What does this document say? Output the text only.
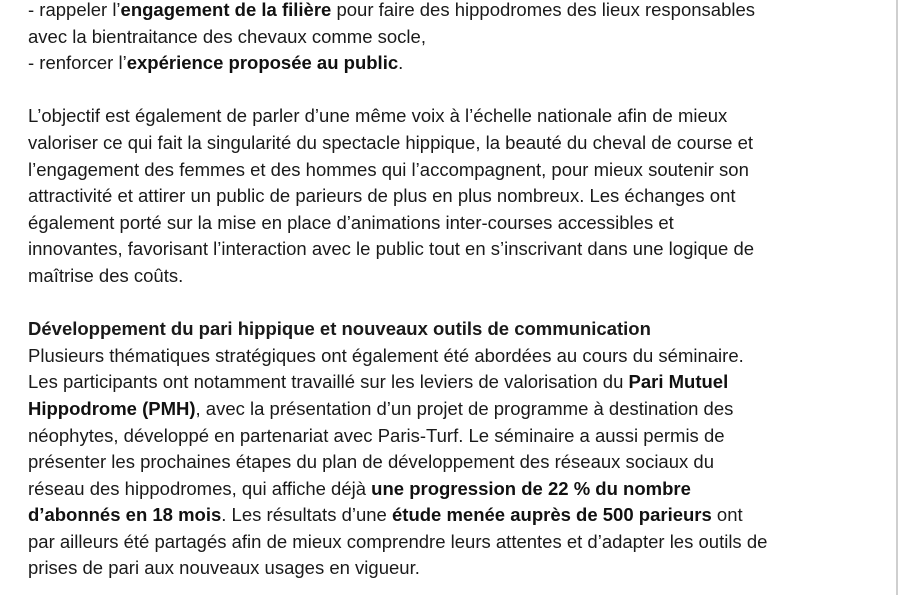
- rappeler l’engagement de la filière pour faire des hippodromes des lieux responsables
avec la bientraitance des chevaux comme socle,
- renforcer l’expérience proposée au public.
L’objectif est également de parler d’une même voix à l’échelle nationale afin de mieux
valoriser ce qui fait la singularité du spectacle hippique, la beauté du cheval de course et
l’engagement des femmes et des hommes qui l’accompagnent, pour mieux soutenir son
attractivité et attirer un public de parieurs de plus en plus nombreux. Les échanges ont
également porté sur la mise en place d’animations inter-courses accessibles et
innovantes, favorisant l’interaction avec le public tout en s’inscrivant dans une logique de
maîtrise des coûts.
Développement du pari hippique et nouveaux outils de communication
Plusieurs thématiques stratégiques ont également été abordées au cours du séminaire.
Les participants ont notamment travaillé sur les leviers de valorisation du Pari Mutuel
Hippodrome (PMH), avec la présentation d’un projet de programme à destination des
néophytes, développé en partenariat avec Paris-Turf. Le séminaire a aussi permis de
présenter les prochaines étapes du plan de développement des réseaux sociaux du
réseau des hippodromes, qui affiche déjà une progression de 22 % du nombre
d’abonnés en 18 mois. Les résultats d’une étude menée auprès de 500 parieurs ont
par ailleurs été partagés afin de mieux comprendre leurs attentes et d’adapter les outils de
prises de pari aux nouveaux usages en vigueur.
